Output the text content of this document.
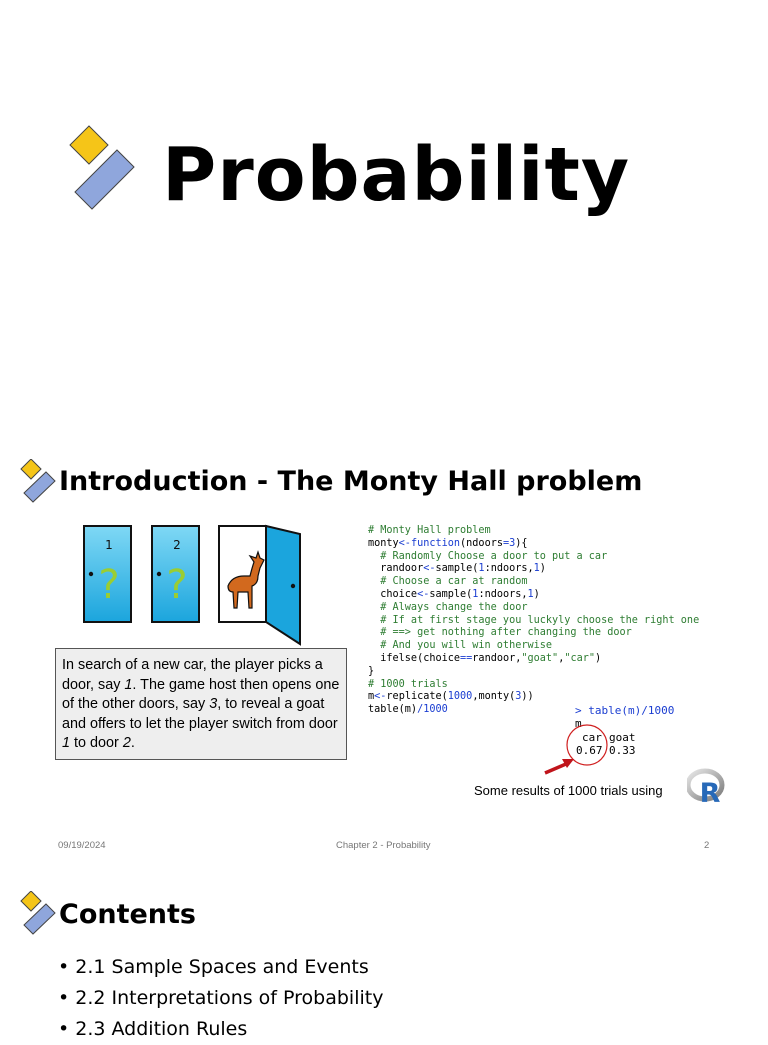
Probability
Introduction - The Monty Hall problem
1
?
2
?
In search of a new car, the player picks a door, say 1. The game host then opens one of the other doors, say 3, to reveal a goat and offers to let the player switch from door 1 to door 2.
# Monty Hall problem
monty<-function(ndoors=3){
# Randomly Choose a door to put a car
randoor<-sample(1:ndoors,1)
# Choose a car at random
choice<-sample(1:ndoors,1)
# Always change the door
# If at first stage you luckyly choose the right one
# ==> get nothing after changing the door
# And you will win otherwise
ifelse(choice==randoor,"goat","car")
}
# 1000 trials
m<-replicate(1000,monty(3))
table(m)/1000	> table(m)/1000
m
car goat
0.67 0.33
Some results of 1000 trials using R
09/19/2024	Chapter 2 - Probability	2
Contents
• 2.1 Sample Spaces and Events
• 2.2 Interpretations of Probability
• 2.3 Addition Rules
